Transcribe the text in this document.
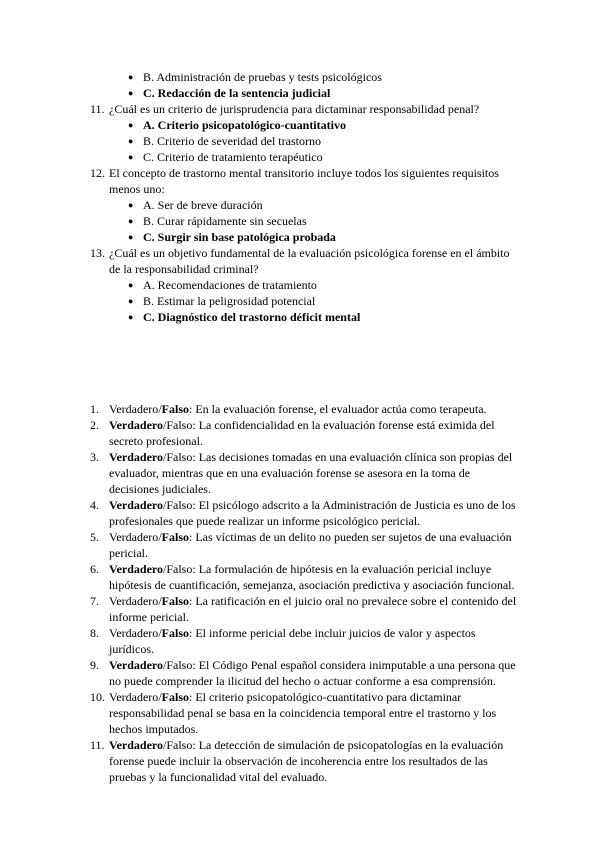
● B. Administración de pruebas y tests psicológicos
● C. Redacción de la sentencia judicial
11. ¿Cuál es un criterio de jurisprudencia para dictaminar responsabilidad penal?
● A. Criterio psicopatológico-cuantitativo
● B. Criterio de severidad del trastorno
● C. Criterio de tratamiento terapéutico
12. El concepto de trastorno mental transitorio incluye todos los siguientes requisitos menos uno:
● A. Ser de breve duración
● B. Curar rápidamente sin secuelas
● C. Surgir sin base patológica probada
13. ¿Cuál es un objetivo fundamental de la evaluación psicológica forense en el ámbito de la responsabilidad criminal?
● A. Recomendaciones de tratamiento
● B. Estimar la peligrosidad potencial
● C. Diagnóstico del trastorno déficit mental
1. Verdadero/Falso: En la evaluación forense, el evaluador actúa como terapeuta.
2. Verdadero/Falso: La confidencialidad en la evaluación forense está eximida del secreto profesional.
3. Verdadero/Falso: Las decisiones tomadas en una evaluación clínica son propias del evaluador, mientras que en una evaluación forense se asesora en la toma de decisiones judiciales.
4. Verdadero/Falso: El psicólogo adscrito a la Administración de Justicia es uno de los profesionales que puede realizar un informe psicológico pericial.
5. Verdadero/Falso: Las víctimas de un delito no pueden ser sujetos de una evaluación pericial.
6. Verdadero/Falso: La formulación de hipótesis en la evaluación pericial incluye hipótesis de cuantificación, semejanza, asociación predictiva y asociación funcional.
7. Verdadero/Falso: La ratificación en el juicio oral no prevalece sobre el contenido del informe pericial.
8. Verdadero/Falso: El informe pericial debe incluir juicios de valor y aspectos jurídicos.
9. Verdadero/Falso: El Código Penal español considera inimputable a una persona que no puede comprender la ilicitud del hecho o actuar conforme a esa comprensión.
10. Verdadero/Falso: El criterio psicopatológico-cuantitativo para dictaminar responsabilidad penal se basa en la coincidencia temporal entre el trastorno y los hechos imputados.
11. Verdadero/Falso: La detección de simulación de psicopatologías en la evaluación forense puede incluir la observación de incoherencia entre los resultados de las pruebas y la funcionalidad vital del evaluado.
